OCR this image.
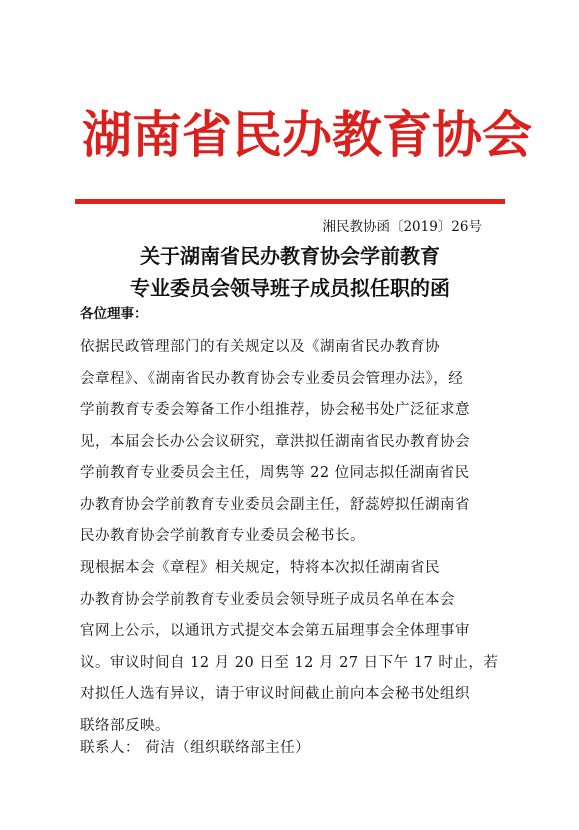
湖南省民办教育协会
湘民教协函〔2019〕26号
关于湖南省民办教育协会学前教育
专业委员会领导班子成员拟任职的函
各位理事：
依据民政管理部门的有关规定以及《湖南省民办教育协
会章程》、《湖南省民办教育协会专业委员会管理办法》，经
学前教育专委会筹备工作小组推荐，协会秘书处广泛征求意
见，本届会长办公会议研究，章洪拟任湖南省民办教育协会
学前教育专业委员会主任，周隽等 22 位同志拟任湖南省民
办教育协会学前教育专业委员会副主任，舒蕊婷拟任湖南省
民办教育协会学前教育专业委员会秘书长。
现根据本会《章程》相关规定，特将本次拟任湖南省民
办教育协会学前教育专业委员会领导班子成员名单在本会
官网上公示，以通讯方式提交本会第五届理事会全体理事审
议。审议时间自 12 月 20 日至 12 月 27 日下午 17 时止，若
对拟任人选有异议，请于审议时间截止前向本会秘书处组织
联络部反映。
联系人： 荷洁（组织联络部主任）
